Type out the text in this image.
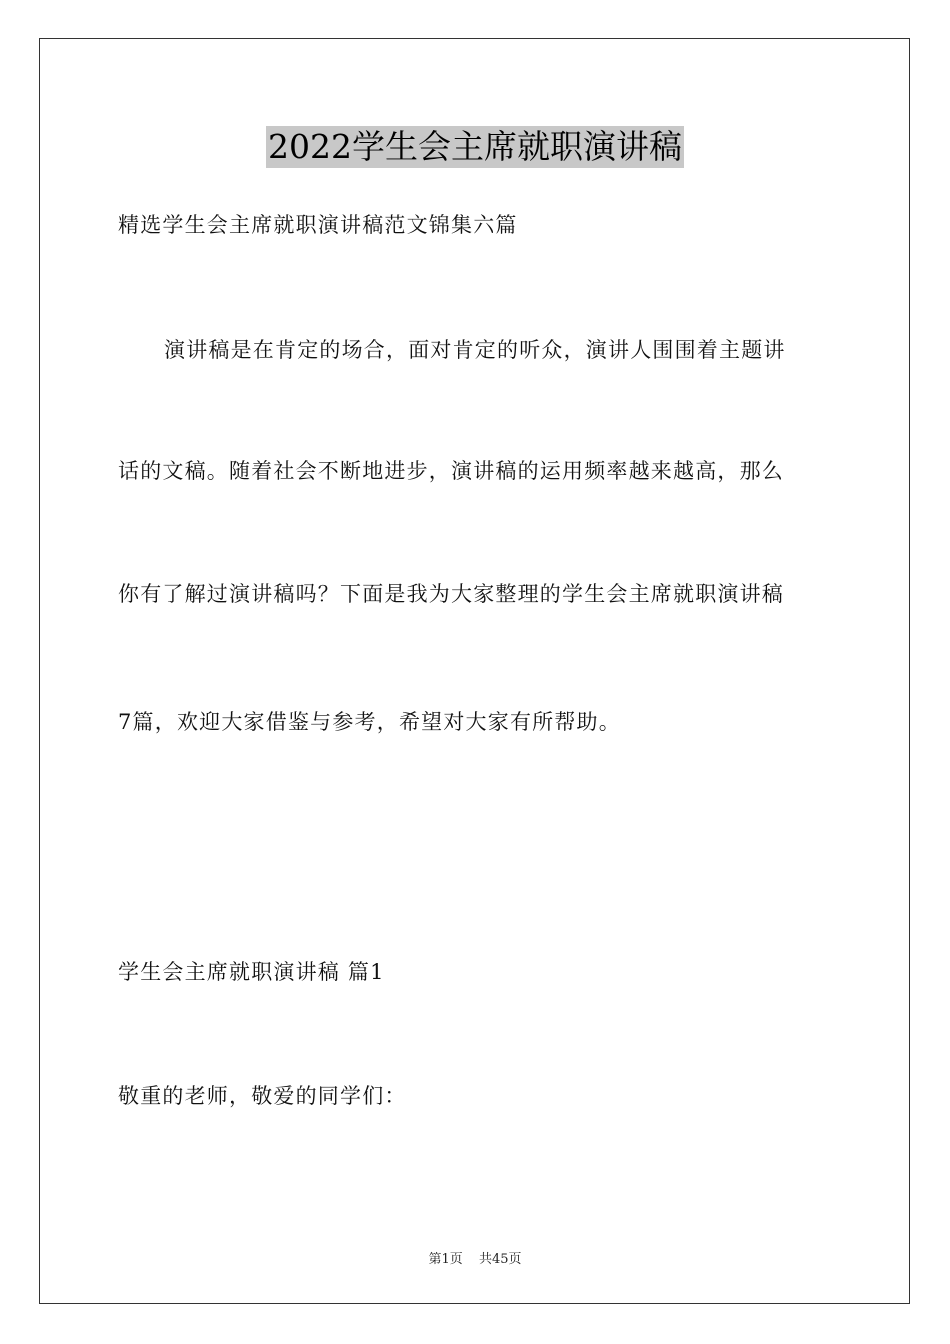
2022学生会主席就职演讲稿
精选学生会主席就职演讲稿范文锦集六篇
演讲稿是在肯定的场合，面对肯定的听众，演讲人围围着主题讲
话的文稿。随着社会不断地进步，演讲稿的运用频率越来越高，那么
你有了解过演讲稿吗？下面是我为大家整理的学生会主席就职演讲稿
7篇，欢迎大家借鉴与参考，希望对大家有所帮助。
学生会主席就职演讲稿 篇1
敬重的老师，敬爱的同学们：
第1页 共45页
